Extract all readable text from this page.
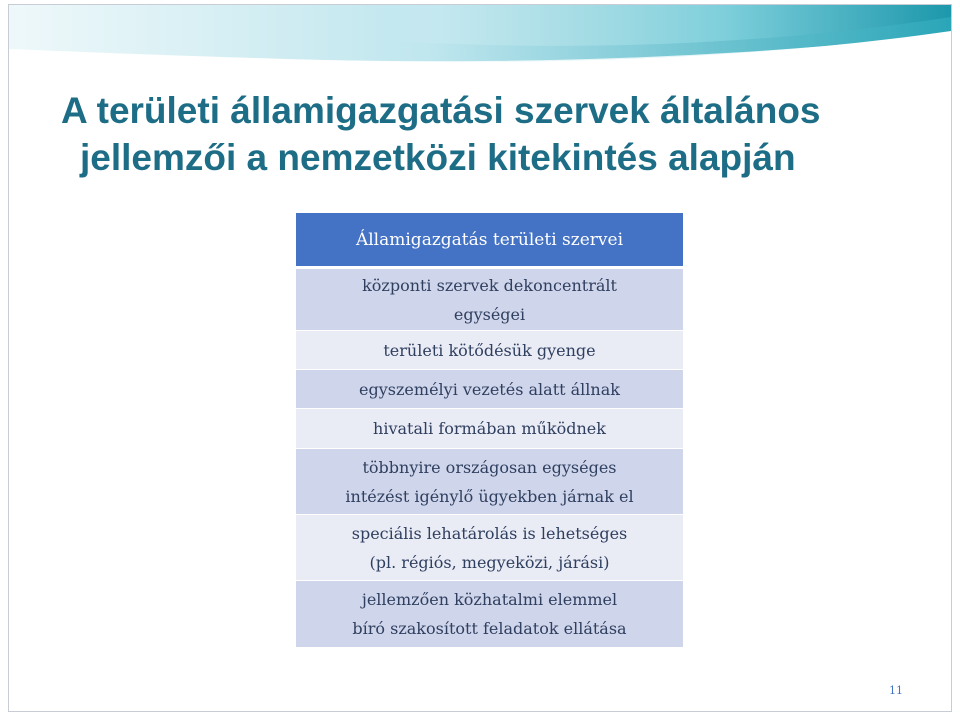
A területi államigazgatási szervek általános
jellemzői a nemzetközi kitekintés alapján
Államigazgatás területi szervei
központi szervek dekoncentrált
egységei
területi kötődésük gyenge
egyszemélyi vezetés alatt állnak
hivatali formában működnek
többnyire országosan egységes
intézést igénylő ügyekben járnak el
speciális lehatárolás is lehetséges
(pl. régiós, megyeközi, járási)
jellemzően közhatalmi elemmel
bíró szakosított feladatok ellátása
11
